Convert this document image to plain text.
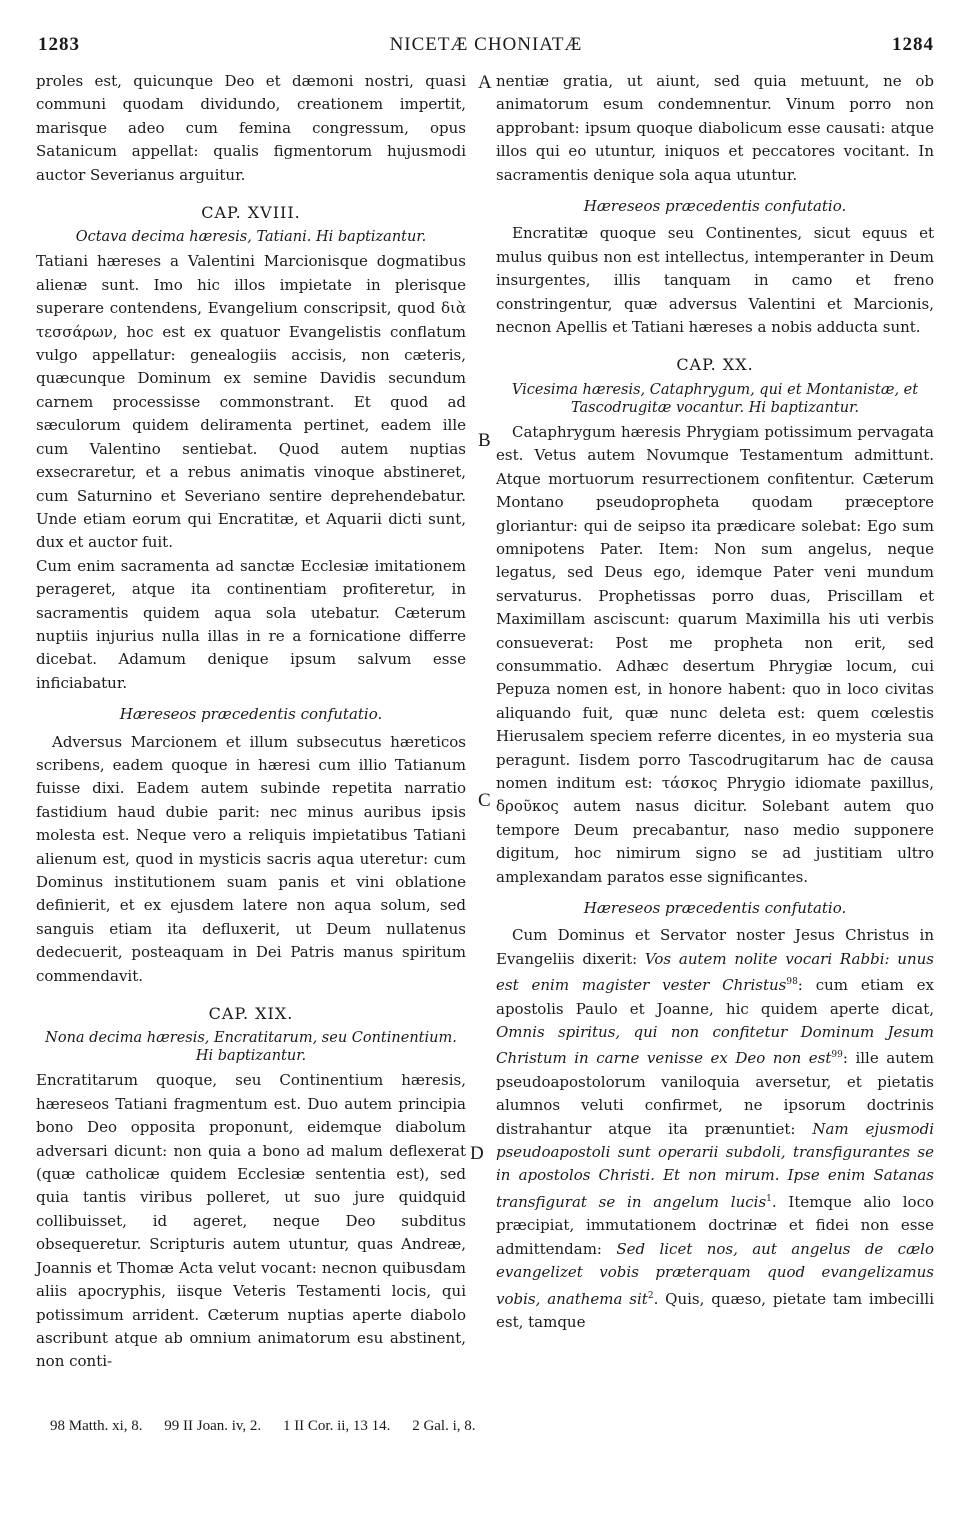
1283	NICETÆ CHONIATÆ	1284
A
B
C
D

proles est, quicunque Deo et dæmoni nostri, quasi communi quodam dividundo, creationem impertit, marisque adeo cum femina congressum, opus Satanicum appellat: qualis figmentorum hujusmodi auctor Severianus arguitur.

CAP. XVIII.
Octava decima hæresis, Tatiani. Hi baptizantur.

Tatiani hæreses a Valentini Marcionisque dogmatibus alienæ sunt. Imo hic illos impietate in plerisque superare contendens, Evangelium conscripsit, quod διὰ τεσσάρων, hoc est ex quatuor Evangelistis conflatum vulgo appellatur: genealogiis accisis, non cæteris, quæcunque Dominum ex semine Davidis secundum carnem processisse commonstrant. Et quod ad sæculorum quidem deliramenta pertinet, eadem ille cum Valentino sentiebat. Quod autem nuptias exsecraretur, et a rebus animatis vinoque abstineret, cum Saturnino et Severiano sentire deprehendebatur. Unde etiam eorum qui Encratitæ, et Aquarii dicti sunt, dux et auctor fuit.

Cum enim sacramenta ad sanctæ Ecclesiæ imitationem perageret, atque ita continentiam profiteretur, in sacramentis quidem aqua sola utebatur. Cæterum nuptiis injurius nulla illas in re a fornicatione differre dicebat. Adamum denique ipsum salvum esse inficiabatur.

Hæreseos præcedentis confutatio.

Adversus Marcionem et illum subsecutus hæreticos scribens, eadem quoque in hæresi cum illio Tatianum fuisse dixi. Eadem autem subinde repetita narratio fastidium haud dubie parit: nec minus auribus ipsis molesta est. Neque vero a reliquis impietatibus Tatiani alienum est, quod in mysticis sacris aqua uteretur: cum Dominus institutionem suam panis et vini oblatione definierit, et ex ejusdem latere non aqua solum, sed sanguis etiam ita defluxerit, ut Deum nullatenus dedecuerit, posteaquam in Dei Patris manus spiritum commendavit.

CAP. XIX.
Nona decima hæresis, Encratitarum, seu Continentium. Hi baptizantur.

Encratitarum quoque, seu Continentium hæresis, hæreseos Tatiani fragmentum est. Duo autem principia bono Deo opposita proponunt, eidemque diabolum adversari dicunt: non quia a bono ad malum deflexerat (quæ catholicæ quidem Ecclesiæ sententia est), sed quia tantis viribus polleret, ut suo jure quidquid collibuisset, id ageret, neque Deo subditus obsequeretur. Scripturis autem utuntur, quas Andreæ, Joannis et Thomæ Acta velut vocant: necnon quibusdam aliis apocryphis, iisque Veteris Testamenti locis, qui potissimum arrident. Cæterum nuptias aperte diabolo ascribunt atque ab omnium animatorum esu abstinent, non conti-

nentiæ gratia, ut aiunt, sed quia metuunt, ne ob animatorum esum condemnentur. Vinum porro non approbant: ipsum quoque diabolicum esse causati: atque illos qui eo utuntur, iniquos et peccatores vocitant. In sacramentis denique sola aqua utuntur.

Hæreseos præcedentis confutatio.

Encratitæ quoque seu Continentes, sicut equus et mulus quibus non est intellectus, intemperanter in Deum insurgentes, illis tanquam in camo et freno constringentur, quæ adversus Valentini et Marcionis, necnon Apellis et Tatiani hæreses a nobis adducta sunt.

CAP. XX.
Vicesima hæresis, Cataphrygum, qui et Montanistæ, et Tascodrugitæ vocantur. Hi baptizantur.

Cataphrygum hæresis Phrygiam potissimum pervagata est. Vetus autem Novumque Testamentum admittunt. Atque mortuorum resurrectionem confitentur. Cæterum Montano pseudopropheta quodam præceptore gloriantur: qui de seipso ita prædicare solebat: Ego sum omnipotens Pater. Item: Non sum angelus, neque legatus, sed Deus ego, idemque Pater veni mundum servaturus. Prophetissas porro duas, Priscillam et Maximillam asciscunt: quarum Maximilla his uti verbis consueverat: Post me propheta non erit, sed consummatio. Adhæc desertum Phrygiæ locum, cui Pepuza nomen est, in honore habent: quo in loco civitas aliquando fuit, quæ nunc deleta est: quem cœlestis Hierusalem speciem referre dicentes, in eo mysteria sua peragunt. Iisdem porro Tascodrugitarum hac de causa nomen inditum est: τάσκος Phrygio idiomate paxillus, δροῦκος autem nasus dicitur. Solebant autem quo tempore Deum precabantur, naso medio supponere digitum, hoc nimirum signo se ad justitiam ultro amplexandam paratos esse significantes.

Hæreseos præcedentis confutatio.

Cum Dominus et Servator noster Jesus Christus in Evangeliis dixerit: Vos autem nolite vocari Rabbi: unus est enim magister vester Christus$^{98}$: cum etiam ex apostolis Paulo et Joanne, hic quidem aperte dicat, Omnis spiritus, qui non confitetur Dominum Jesum Christum in carne venisse ex Deo non est$^{99}$: ille autem pseudoapostolorum vaniloquia aversetur, et pietatis alumnos veluti confirmet, ne ipsorum doctrinis distrahantur atque ita prænuntiet: Nam ejusmodi pseudoapostoli sunt operarii subdoli, transfigurantes se in apostolos Christi. Et non mirum. Ipse enim Satanas transfigurat se in angelum lucis$^1$. Itemque alio loco præcipiat, immutationem doctrinæ et fidei non esse admittendam: Sed licet nos, aut angelus de cælo evangelizet vobis præterquam quod evangelizamus vobis, anathema sit$^2$. Quis, quæso, pietate tam imbecilli est, tamque

98 Matth. xi, 8. 99 II Joan. iv, 2. 1 II Cor. ii, 13 14. 2 Gal. i, 8.
